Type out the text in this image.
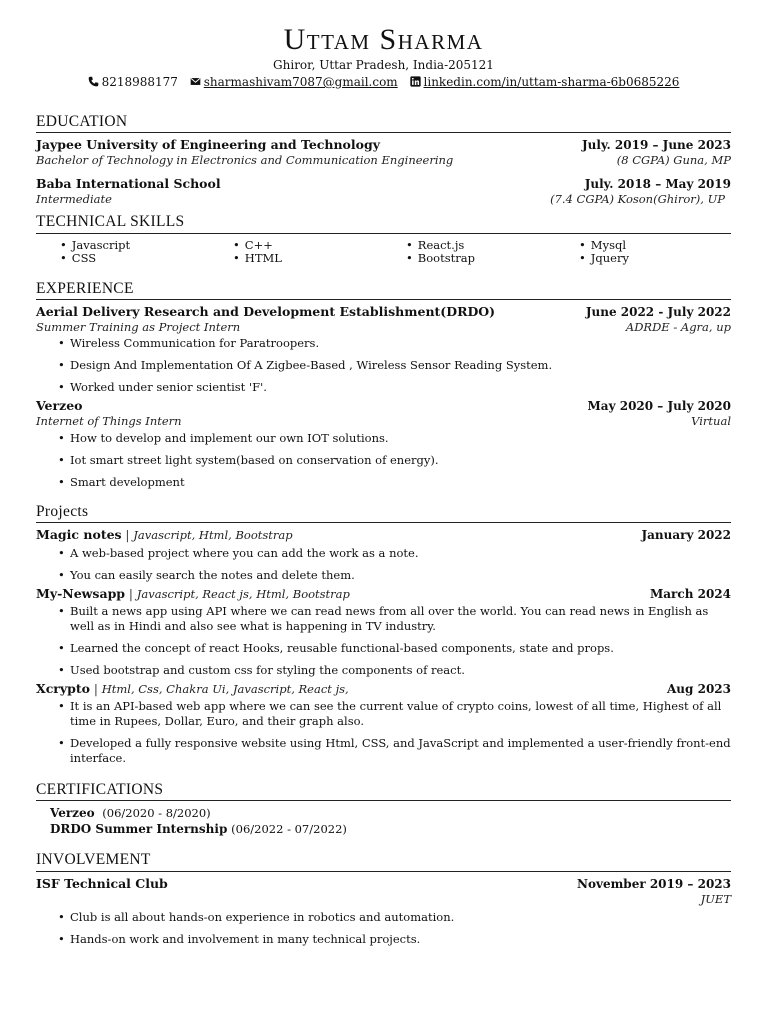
Uttam Sharma
Ghiror, Uttar Pradesh, India-205121
8218988177 sharmashivam7087@gmail.com linkedin.com/in/uttam-sharma-6b0685226
EDUCATION
Jaypee University of Engineering and Technology	July. 2019 – June 2023
Bachelor of Technology in Electronics and Communication Engineering	(8 CGPA) Guna, MP
Baba International School	July. 2018 – May 2019
Intermediate	(7.4 CGPA) Koson(Ghiror), UP
TECHNICAL SKILLS
• Javascript
• CSS
• C++
• HTML
• React.js
• Bootstrap
• Mysql
• Jquery
EXPERIENCE
Aerial Delivery Research and Development Establishment(DRDO)	June 2022 - July 2022
Summer Training as Project Intern	ADRDE - Agra, up
• Wireless Communication for Paratroopers.
• Design And Implementation Of A Zigbee-Based , Wireless Sensor Reading System.
• Worked under senior scientist 'F'.
Verzeo	May 2020 – July 2020
Internet of Things Intern	Virtual
• How to develop and implement our own IOT solutions.
• Iot smart street light system(based on conservation of energy).
• Smart development
Projects
Magic notes | Javascript, Html, Bootstrap	January 2022
• A web-based project where you can add the work as a note.
• You can easily search the notes and delete them.
My-Newsapp | Javascript, React js, Html, Bootstrap	March 2024
• Built a news app using API where we can read news from all over the world. You can read news in English as well as in Hindi and also see what is happening in TV industry.
• Learned the concept of react Hooks, reusable functional-based components, state and props.
• Used bootstrap and custom css for styling the components of react.
Xcrypto | Html, Css, Chakra Ui, Javascript, React js,	Aug 2023
• It is an API-based web app where we can see the current value of crypto coins, lowest of all time, Highest of all time in Rupees, Dollar, Euro, and their graph also.
• Developed a fully responsive website using Html, CSS, and JavaScript and implemented a user-friendly front-end interface.
CERTIFICATIONS
Verzeo (06/2020 - 8/2020)
DRDO Summer Internship (06/2022 - 07/2022)
INVOLVEMENT
ISF Technical Club	November 2019 – 2023
JUET
• Club is all about hands-on experience in robotics and automation.
• Hands-on work and involvement in many technical projects.
